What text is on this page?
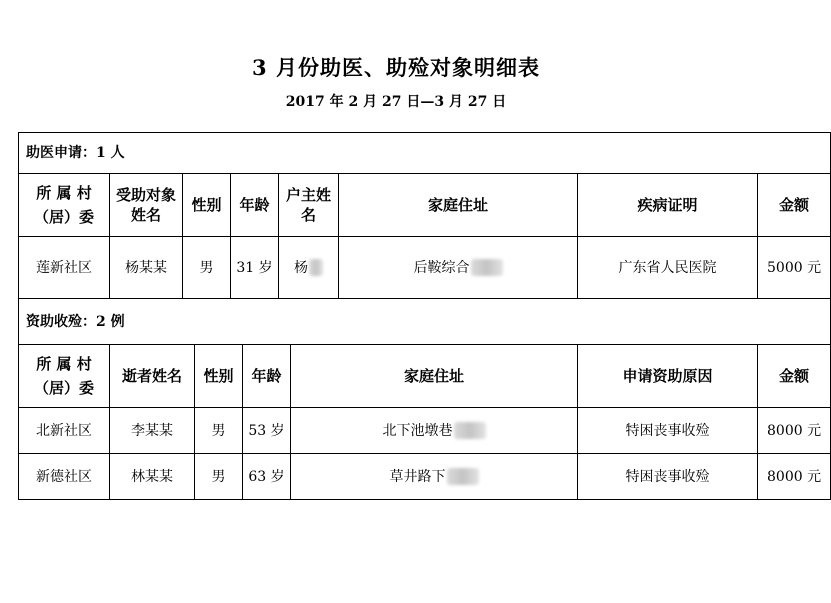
3 月份助医、助殓对象明细表
2017 年 2 月 27 日—3 月 27 日
助医申请：1 人										
所 属 村（居）委	受助对象姓名	性别		年龄		户主姓名		家庭住址	疾病证明	金额
莲新社区	杨某某	男		31 岁		杨		后鞍综合	广东省人民医院	5000 元
资助收殓：2 例										
所 属 村（居）委	逝者姓名		性别		年龄		家庭住址		申请资助原因	金额
北新社区	李某某		男		53 岁		北下池墩巷		特困丧事收殓	8000 元
新德社区	林某某		男		63 岁		草井路下		特困丧事收殓	8000 元
